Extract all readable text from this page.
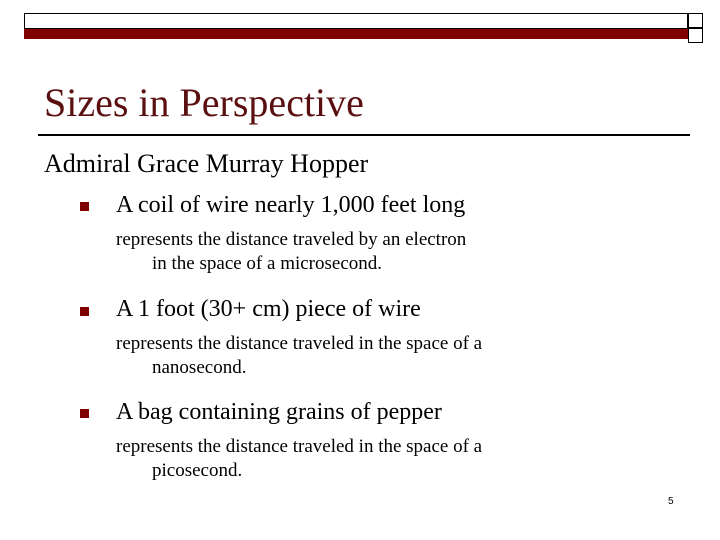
Sizes in Perspective
Admiral Grace Murray Hopper
A coil of wire nearly 1,000 feet long
represents the distance traveled by an electron
in the space of a microsecond.
A 1 foot (30+ cm) piece of wire
represents the distance traveled in the space of a
nanosecond.
A bag containing grains of pepper
represents the distance traveled in the space of a
picosecond.
5
